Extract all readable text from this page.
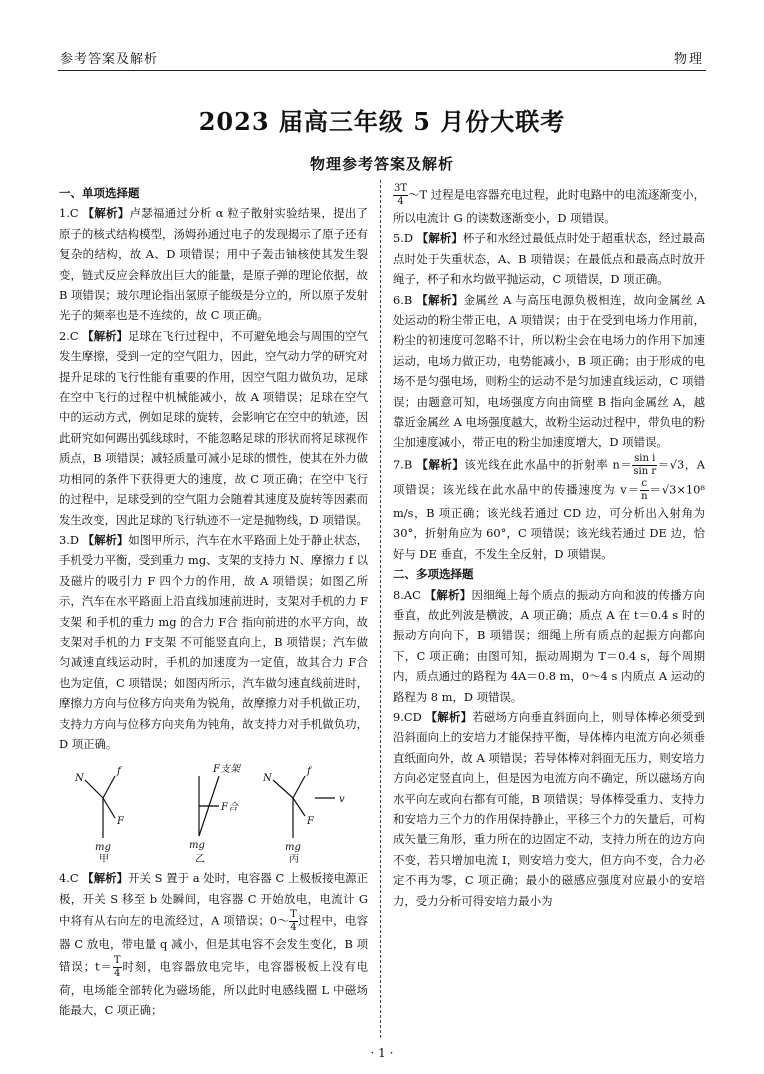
参考答案及解析	物理
2023 届高三年级 5 月份大联考
物理参考答案及解析
一、单项选择题

1.C 【解析】卢瑟福通过分析 α 粒子散射实验结果，提出了原子的核式结构模型，汤姆孙通过电子的发现揭示了原子还有复杂的结构，故 A、D 项错误；用中子轰击铀核使其发生裂变，链式反应会释放出巨大的能量，是原子弹的理论依据，故 B 项错误；玻尔理论指出氢原子能级是分立的，所以原子发射光子的频率也是不连续的，故 C 项正确。

2.C 【解析】足球在飞行过程中，不可避免地会与周围的空气发生摩擦，受到一定的空气阻力，因此，空气动力学的研究对提升足球的飞行性能有重要的作用，因空气阻力做负功，足球在空中飞行的过程中机械能减小，故 A 项错误；足球在空气中的运动方式，例如足球的旋转，会影响它在空中的轨迹，因此研究如何踢出弧线球时，不能忽略足球的形状而将足球视作质点，B 项错误；减轻质量可减小足球的惯性，使其在外力做功相同的条件下获得更大的速度，故 C 项正确；在空中飞行的过程中，足球受到的空气阻力会随着其速度及旋转等因素而发生改变，因此足球的飞行轨迹不一定是抛物线，D 项错误。

3.D 【解析】如图甲所示，汽车在水平路面上处于静止状态，手机受力平衡，受到重力 mg、支架的支持力 N、摩擦力 f 以及磁片的吸引力 F 四个力的作用，故 A 项错误；如图乙所示，汽车在水平路面上沿直线加速前进时，支架对手机的力 F支架 和手机的重力 mg 的合力 F合 指向前进的水平方向，故支架对手机的力 F支架 不可能竖直向上，B 项错误；汽车做匀减速直线运动时，手机的加速度为一定值，故其合力 F合 也为定值，C 项错误；如图丙所示，汽车做匀速直线前进时，摩擦力方向与位移方向夹角为锐角，故摩擦力对手机做正功，支持力方向与位移方向夹角为钝角，故支持力对手机做负功，D 项正确。

N
f
F
mg
F支架
F合
mg
N
f
F
mg
v
甲	乙	丙

4.C 【解析】开关 S 置于 a 处时，电容器 C 上极板接电源正极，开关 S 移至 b 处瞬间，电容器 C 开始放电，电流计 G 中将有从右向左的电流经过，A 项错误；0～ $\frac{T}{4}$ 过程中，电容器 C 放电，带电量 q 减小，但是其电容不会发生变化，B 项错误；$t= \frac{T}{4}$ 时刻，电容器放电完毕，电容器极板上没有电荷，电场能全部转化为磁场能，所以此时电感线圈 L 中磁场能最大，C 项正确；

$\frac{3T}{4}$ ～T 过程是电容器充电过程，此时电路中的电流逐渐变小，所以电流计 G 的读数逐渐变小，D 项错误。

5.D 【解析】杯子和水经过最低点时处于超重状态，经过最高点时处于失重状态，A、B 项错误；在最低点和最高点时放开绳子，杯子和水均做平抛运动，C 项错误，D 项正确。

6.B 【解析】金属丝 A 与高压电源负极相连，故向金属丝 A 处运动的粉尘带正电，A 项错误；由于在受到电场力作用前，粉尘的初速度可忽略不计，所以粉尘会在电场力的作用下加速运动，电场力做正功，电势能减小，B 项正确；由于形成的电场不是匀强电场，则粉尘的运动不是匀加速直线运动，C 项错误；由题意可知，电场强度方向由筒壁 B 指向金属丝 A，越靠近金属丝 A 电场强度越大，故粉尘运动过程中，带负电的粉尘加速度减小，带正电的粉尘加速度增大，D 项错误。

7.B 【解析】该光线在此水晶中的折射率 $n= \frac{\text{sin i}}{\text{sin r}} =√3$，A 项错误；该光线在此水晶中的传播速度为 $v= \frac{c}{n} =√3\times 10^8$ m/s，B 项正确；该光线若通过 CD 边，可分析出入射角为 30°，折射角应为 60°，C 项错误；该光线若通过 DE 边，恰好与 DE 垂直，不发生全反射，D 项错误。

二、多项选择题

8.AC 【解析】因细绳上每个质点的振动方向和波的传播方向垂直，故此列波是横波，A 项正确；质点 A 在 t＝0.4 s 时的振动方向向下，B 项错误；细绳上所有质点的起振方向都向下，C 项正确；由图可知，振动周期为 T＝0.4 s，每个周期内，质点通过的路程为 4A＝0.8 m，0～4 s 内质点 A 运动的路程为 8 m，D 项错误。

9.CD 【解析】若磁场方向垂直斜面向上，则导体棒必须受到沿斜面向上的安培力才能保持平衡，导体棒内电流方向必须垂直纸面向外，故 A 项错误；若导体棒对斜面无压力，则安培力方向必定竖直向上，但是因为电流方向不确定，所以磁场方向水平向左或向右都有可能，B 项错误；导体棒受重力、支持力和安培力三个力的作用保持静止，平移三个力的矢量后，可构成矢量三角形，重力所在的边固定不动，支持力所在的边方向不变，若只增加电流 I，则安培力变大，但方向不变，合力必定不再为零，C 项正确；最小的磁感应强度对应最小的安培力，受力分析可得安培力最小为

· 1 ·
